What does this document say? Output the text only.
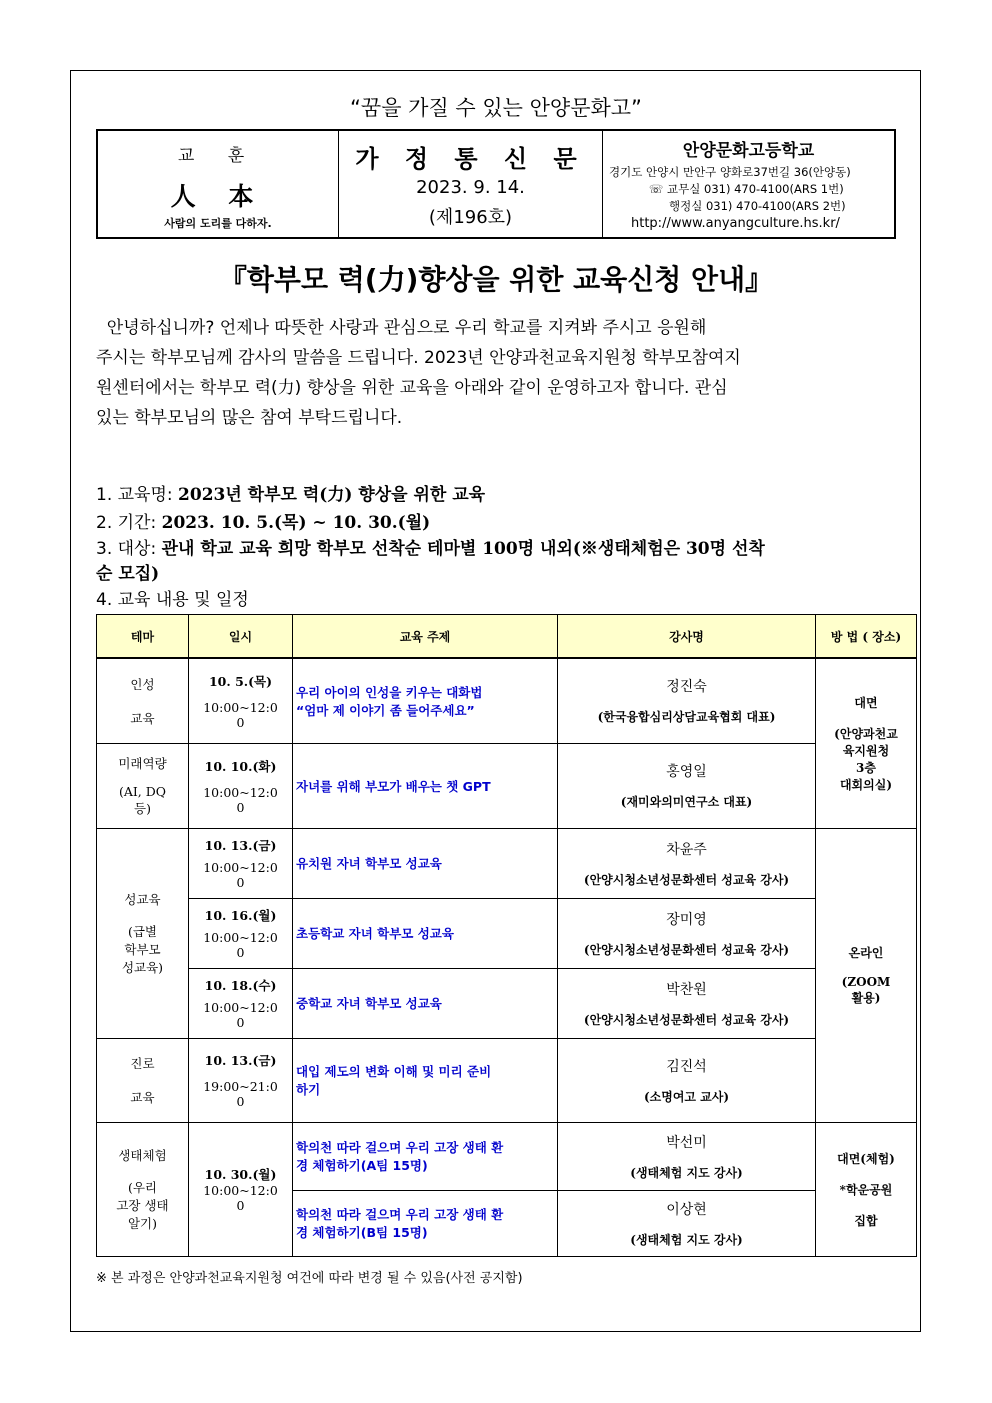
“꿈을 가질 수 있는 안양문화고”
교 훈
人 本
사람의 도리를 다하자.
가 정 통 신 문
2023. 9. 14.
(제196호)
안양문화고등학교
경기도 안양시 만안구 양화로37번길 36(안양동)
☏ 교무실 031) 470-4100(ARS 1번)
행정실 031) 470-4100(ARS 2번)
http://www.anyangculture.hs.kr/
『학부모 력(力)향상을 위한 교육신청 안내』
안녕하십니까? 언제나 따뜻한 사랑과 관심으로 우리 학교를 지켜봐 주시고 응원해
주시는 학부모님께 감사의 말씀을 드립니다. 2023년 안양과천교육지원청 학부모참여지
원센터에서는 학부모 력(力) 향상을 위한 교육을 아래와 같이 운영하고자 합니다. 관심
있는 학부모님의 많은 참여 부탁드립니다.
1. 교육명: 2023년 학부모 력(力) 향상을 위한 교육
2. 기간: 2023. 10. 5.(목) ~ 10. 30.(월)
3. 대상: 관내 학교 교육 희망 학부모 선착순 테마별 100명 내외(※생태체험은 30명 선착
순 모집)
4. 교육 내용 및 일정
테마	일시	교육 주제	강사명	방 법 ( 장소)

인성
교육	10. 5.(목)
10:00~12:0
0	우리 아이의 인성을 키우는 대화법
“엄마 제 이야기 좀 들어주세요”	정진숙
(한국융합심리상담교육협회 대표)	대면
(안양과천교
육지원청
3층
대회의실)

미래역량
(AI, DQ
등)	10. 10.(화)
10:00~12:0
0	자녀를 위해 부모가 배우는 챗 GPT	홍영일
(재미와의미연구소 대표)	

성교육
(급별
학부모
성교육)	10. 13.(금)
10:00~12:0
0	유치원 자녀 학부모 성교육	차윤주
(안양시청소년성문화센터 성교육 강사)	온라인
(ZOOM
활용)

	10. 16.(월)
10:00~12:0
0	초등학교 자녀 학부모 성교육	장미영
(안양시청소년성문화센터 성교육 강사)	

	10. 18.(수)
10:00~12:0
0	중학교 자녀 학부모 성교육	박찬원
(안양시청소년성문화센터 성교육 강사)	

진로
교육	10. 13.(금)
19:00~21:0
0	대입 제도의 변화 이해 및 미리 준비
하기	김진석
(소명여고 교사)	

생태체험
(우리
고장 생태
알기)	10. 30.(월)
10:00~12:0
0	학의천 따라 걸으며 우리 고장 생태 환
경 체험하기(A팀 15명)	박선미
(생태체험 지도 강사)	대면(체험)
*학운공원
집합

		학의천 따라 걸으며 우리 고장 생태 환
경 체험하기(B팀 15명)	이상현
(생태체험 지도 강사)	
※ 본 과정은 안양과천교육지원청 여건에 따라 변경 될 수 있음(사전 공지함)
